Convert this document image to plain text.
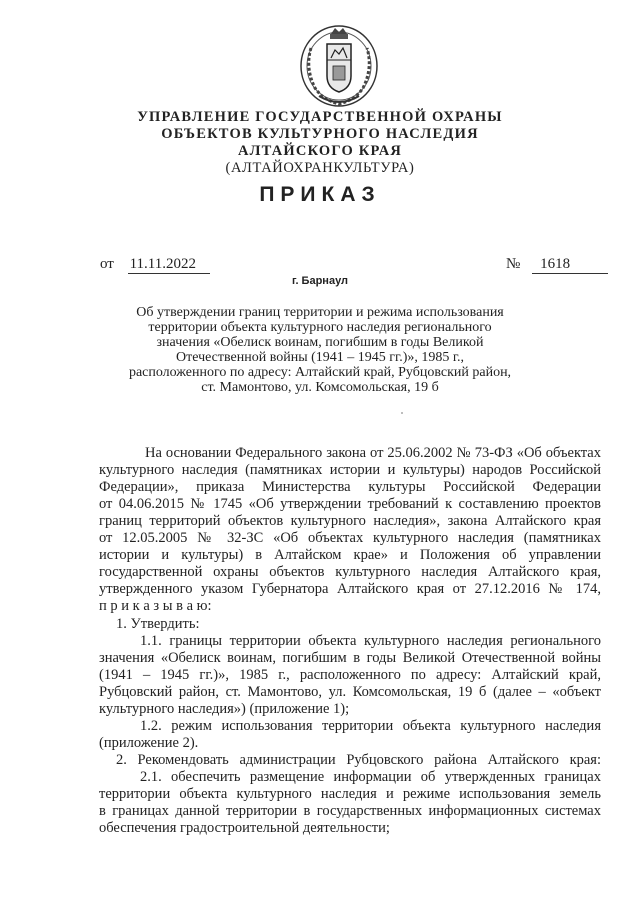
УПРАВЛЕНИЕ ГОСУДАРСТВЕННОЙ ОХРАНЫ
ОБЪЕКТОВ КУЛЬТУРНОГО НАСЛЕДИЯ
АЛТАЙСКОГО КРАЯ
(АЛТАЙОХРАНКУЛЬТУРА)
ПРИКАЗ
от 11.11.2022	№ 1618
г. Барнаул
Об утверждении границ территории и режима использования
территории объекта культурного наследия регионального
значения «Обелиск воинам, погибшим в годы Великой
Отечественной войны (1941 – 1945 гг.)», 1985 г.,
расположенного по адресу: Алтайский край, Рубцовский район,
ст. Мамонтово, ул. Комсомольская, 19 б
На основании Федерального закона от 25.06.2002 № 73-ФЗ «Об объектах
культурного наследия (памятниках истории и культуры) народов Российской
Федерации», приказа Министерства культуры Российской Федерации
от 04.06.2015 № 1745 «Об утверждении требований к составлению проектов
границ территорий объектов культурного наследия», закона Алтайского края
от 12.05.2005 № 32-ЗС «Об объектах культурного наследия (памятниках
истории и культуры) в Алтайском крае» и Положения об управлении
государственной охраны объектов культурного наследия Алтайского края,
утвержденного указом Губернатора Алтайского края от 27.12.2016 № 174,
п р и к а з ы в а ю:
1. Утвердить:
1.1. границы территории объекта культурного наследия регионального
значения «Обелиск воинам, погибшим в годы Великой Отечественной войны
(1941 – 1945 гг.)», 1985 г., расположенного по адресу: Алтайский край,
Рубцовский район, ст. Мамонтово, ул. Комсомольская, 19 б (далее – «объект
культурного наследия») (приложение 1);
1.2. режим использования территории объекта культурного наследия
(приложение 2).
2. Рекомендовать администрации Рубцовского района Алтайского края:
2.1. обеспечить размещение информации об утвержденных границах
территории объекта культурного наследия и режиме использования земель
в границах данной территории в государственных информационных системах
обеспечения градостроительной деятельности;
